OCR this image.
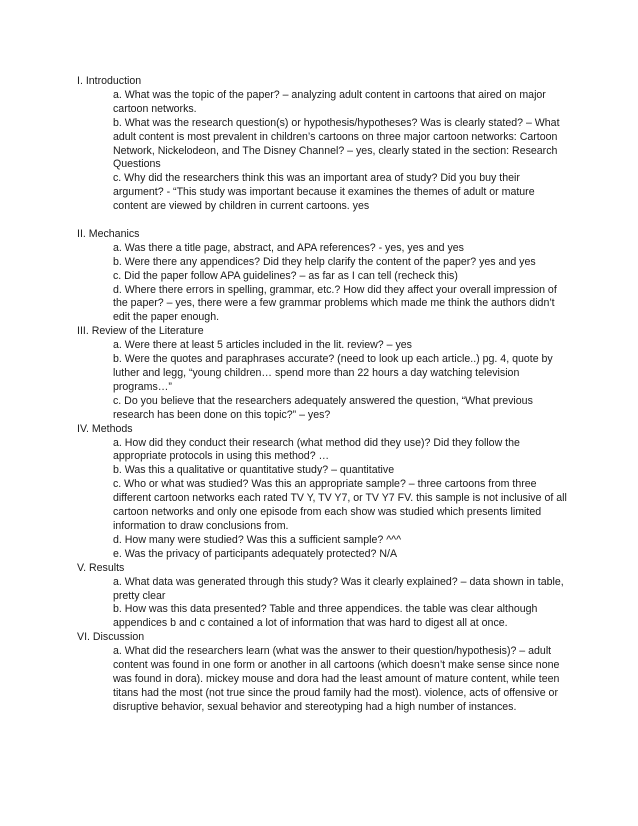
I. Introduction
a. What was the topic of the paper? – analyzing adult content in cartoons that aired on major cartoon networks.
b. What was the research question(s) or hypothesis/hypotheses? Was is clearly stated? – What adult content is most prevalent in children’s cartoons on three major cartoon networks: Cartoon Network, Nickelodeon, and The Disney Channel? – yes, clearly stated in the section: Research Questions
c. Why did the researchers think this was an important area of study? Did you buy their argument? - “This study was important because it examines the themes of adult or mature content are viewed by children in current cartoons. yes
II. Mechanics
a. Was there a title page, abstract, and APA references? - yes, yes and yes
b. Were there any appendices? Did they help clarify the content of the paper? yes and yes
c. Did the paper follow APA guidelines? – as far as I can tell (recheck this)
d. Where there errors in spelling, grammar, etc.? How did they affect your overall impression of the paper? – yes, there were a few grammar problems which made me think the authors didn’t edit the paper enough.
III. Review of the Literature
a. Were there at least 5 articles included in the lit. review? – yes
b. Were the quotes and paraphrases accurate? (need to look up each article..) pg. 4, quote by luther and legg, “young children… spend more than 22 hours a day watching television programs…”
c. Do you believe that the researchers adequately answered the question, “What previous research has been done on this topic?” – yes?
IV. Methods
a. How did they conduct their research (what method did they use)? Did they follow the appropriate protocols in using this method? …
b. Was this a qualitative or quantitative study? – quantitative
c. Who or what was studied? Was this an appropriate sample? – three cartoons from three different cartoon networks each rated TV Y, TV Y7, or TV Y7 FV. this sample is not inclusive of all cartoon networks and only one episode from each show was studied which presents limited information to draw conclusions from.
d. How many were studied? Was this a sufficient sample? ^^^
e. Was the privacy of participants adequately protected? N/A
V. Results
a. What data was generated through this study? Was it clearly explained? – data shown in table, pretty clear
b. How was this data presented? Table and three appendices. the table was clear although appendices b and c contained a lot of information that was hard to digest all at once.
VI. Discussion
a. What did the researchers learn (what was the answer to their question/hypothesis)? – adult content was found in one form or another in all cartoons (which doesn’t make sense since none was found in dora). mickey mouse and dora had the least amount of mature content, while teen titans had the most (not true since the proud family had the most). violence, acts of offensive or disruptive behavior, sexual behavior and stereotyping had a high number of instances.
